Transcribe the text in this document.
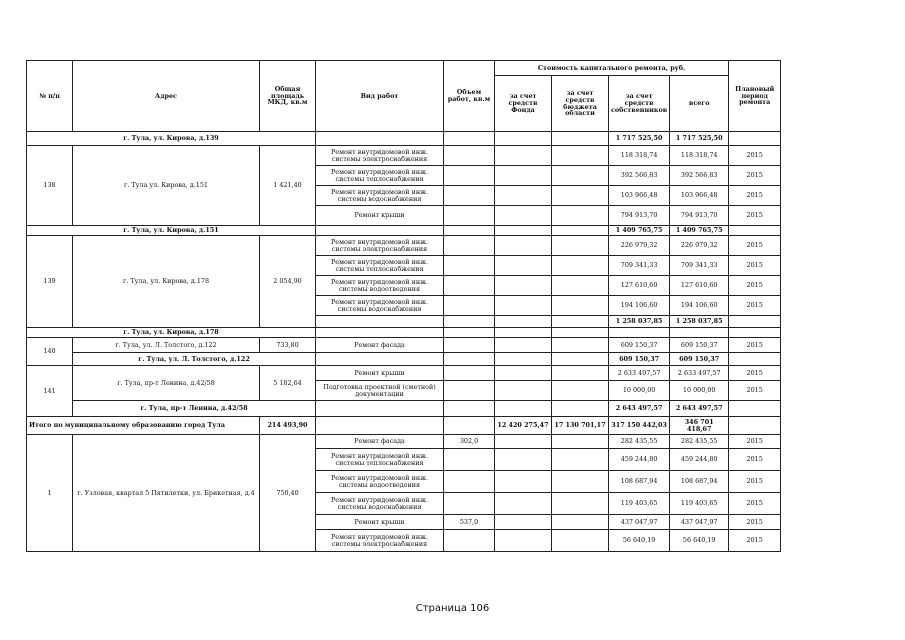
№ п/п	Адрес	Общая площадь МКД, кв.м	Вид работ	Объем работ, кв.м	Стоимость капитального ремонта, руб.				Плановый период ремонта
					за счет средств Фонда	за счет средств бюджета области	за счет средств собственников	всего	
г. Тула, ул. Кирова, д.139							1 717 525,50	1 717 525,50	
138	г. Тула ул. Кирова, д.151	1 421,40	Ремонт внутридомовой инж. системы электроснабжения				118 318,74	118 318,74	2015
			Ремонт внутридомовой инж. системы теплоснабжения				392 566,83	392 566,83	2015
			Ремонт внутридомовой инж. системы водоснабжения				103 966,48	103 966,48	2015
			Ремонт крыши				794 913,70	794 913,70	2015
г. Тула, ул. Кирова, д.151							1 409 765,75	1 409 765,75	
139	г. Тула, ул. Кирова, д.178	2 054,90	Ремонт внутридомовой инж. системы электроснабжения				226 979,32	226 979,32	2015
			Ремонт внутридомовой инж. системы теплоснабжения				709 341,33	709 341,33	2015
			Ремонт внутридомовой инж. системы водоотведения				127 610,60	127 610,60	2015
			Ремонт внутридомовой инж. системы водоснабжения				194 106,60	194 106,60	2015
							1 258 037,85	1 258 037,85	
г. Тула, ул. Кирова, д.178									
140	г. Тула, ул. Л. Толстого, д.122	733,80	Ремонт фасада				609 150,37	609 150,37	2015
	г. Тула, ул. Л. Толстого, д.122						609 150,37	609 150,37	
141	г. Тула, пр-т Ленина, д.42/58	5 182,64	Ремонт крыши				2 633 497,57	2 633 497,57	2015
			Подготовка проектной (сметной) документации				10 000,00	10 000,00	2015
	г. Тула, пр-т Ленина, д.42/58						2 643 497,57	2 643 497,57	
Итого по муниципальному образованию город Тула		214 493,90			12 420 275,47	17 130 701,17	317 150 442,03	346 701 418,67	
1	г. Узловая, квартал 5 Пятилетки, ул. Брикетная, д.4	750,40	Ремонт фасада	302,0			282 435,55	282 435,55	2015
			Ремонт внутридомовой инж. системы теплоснабжения				459 244,80	459 244,80	2015
			Ремонт внутридомовой инж. системы водоотведения				108 687,94	108 687,94	2015
			Ремонт внутридомовой инж. системы водоснабжения				119 403,65	119 403,65	2015
			Ремонт крыши	537,0			437 047,97	437 047,97	2015
			Ремонт внутридомовой инж. системы электроснабжения				56 640,19	56 640,19	2015
Страница 106
